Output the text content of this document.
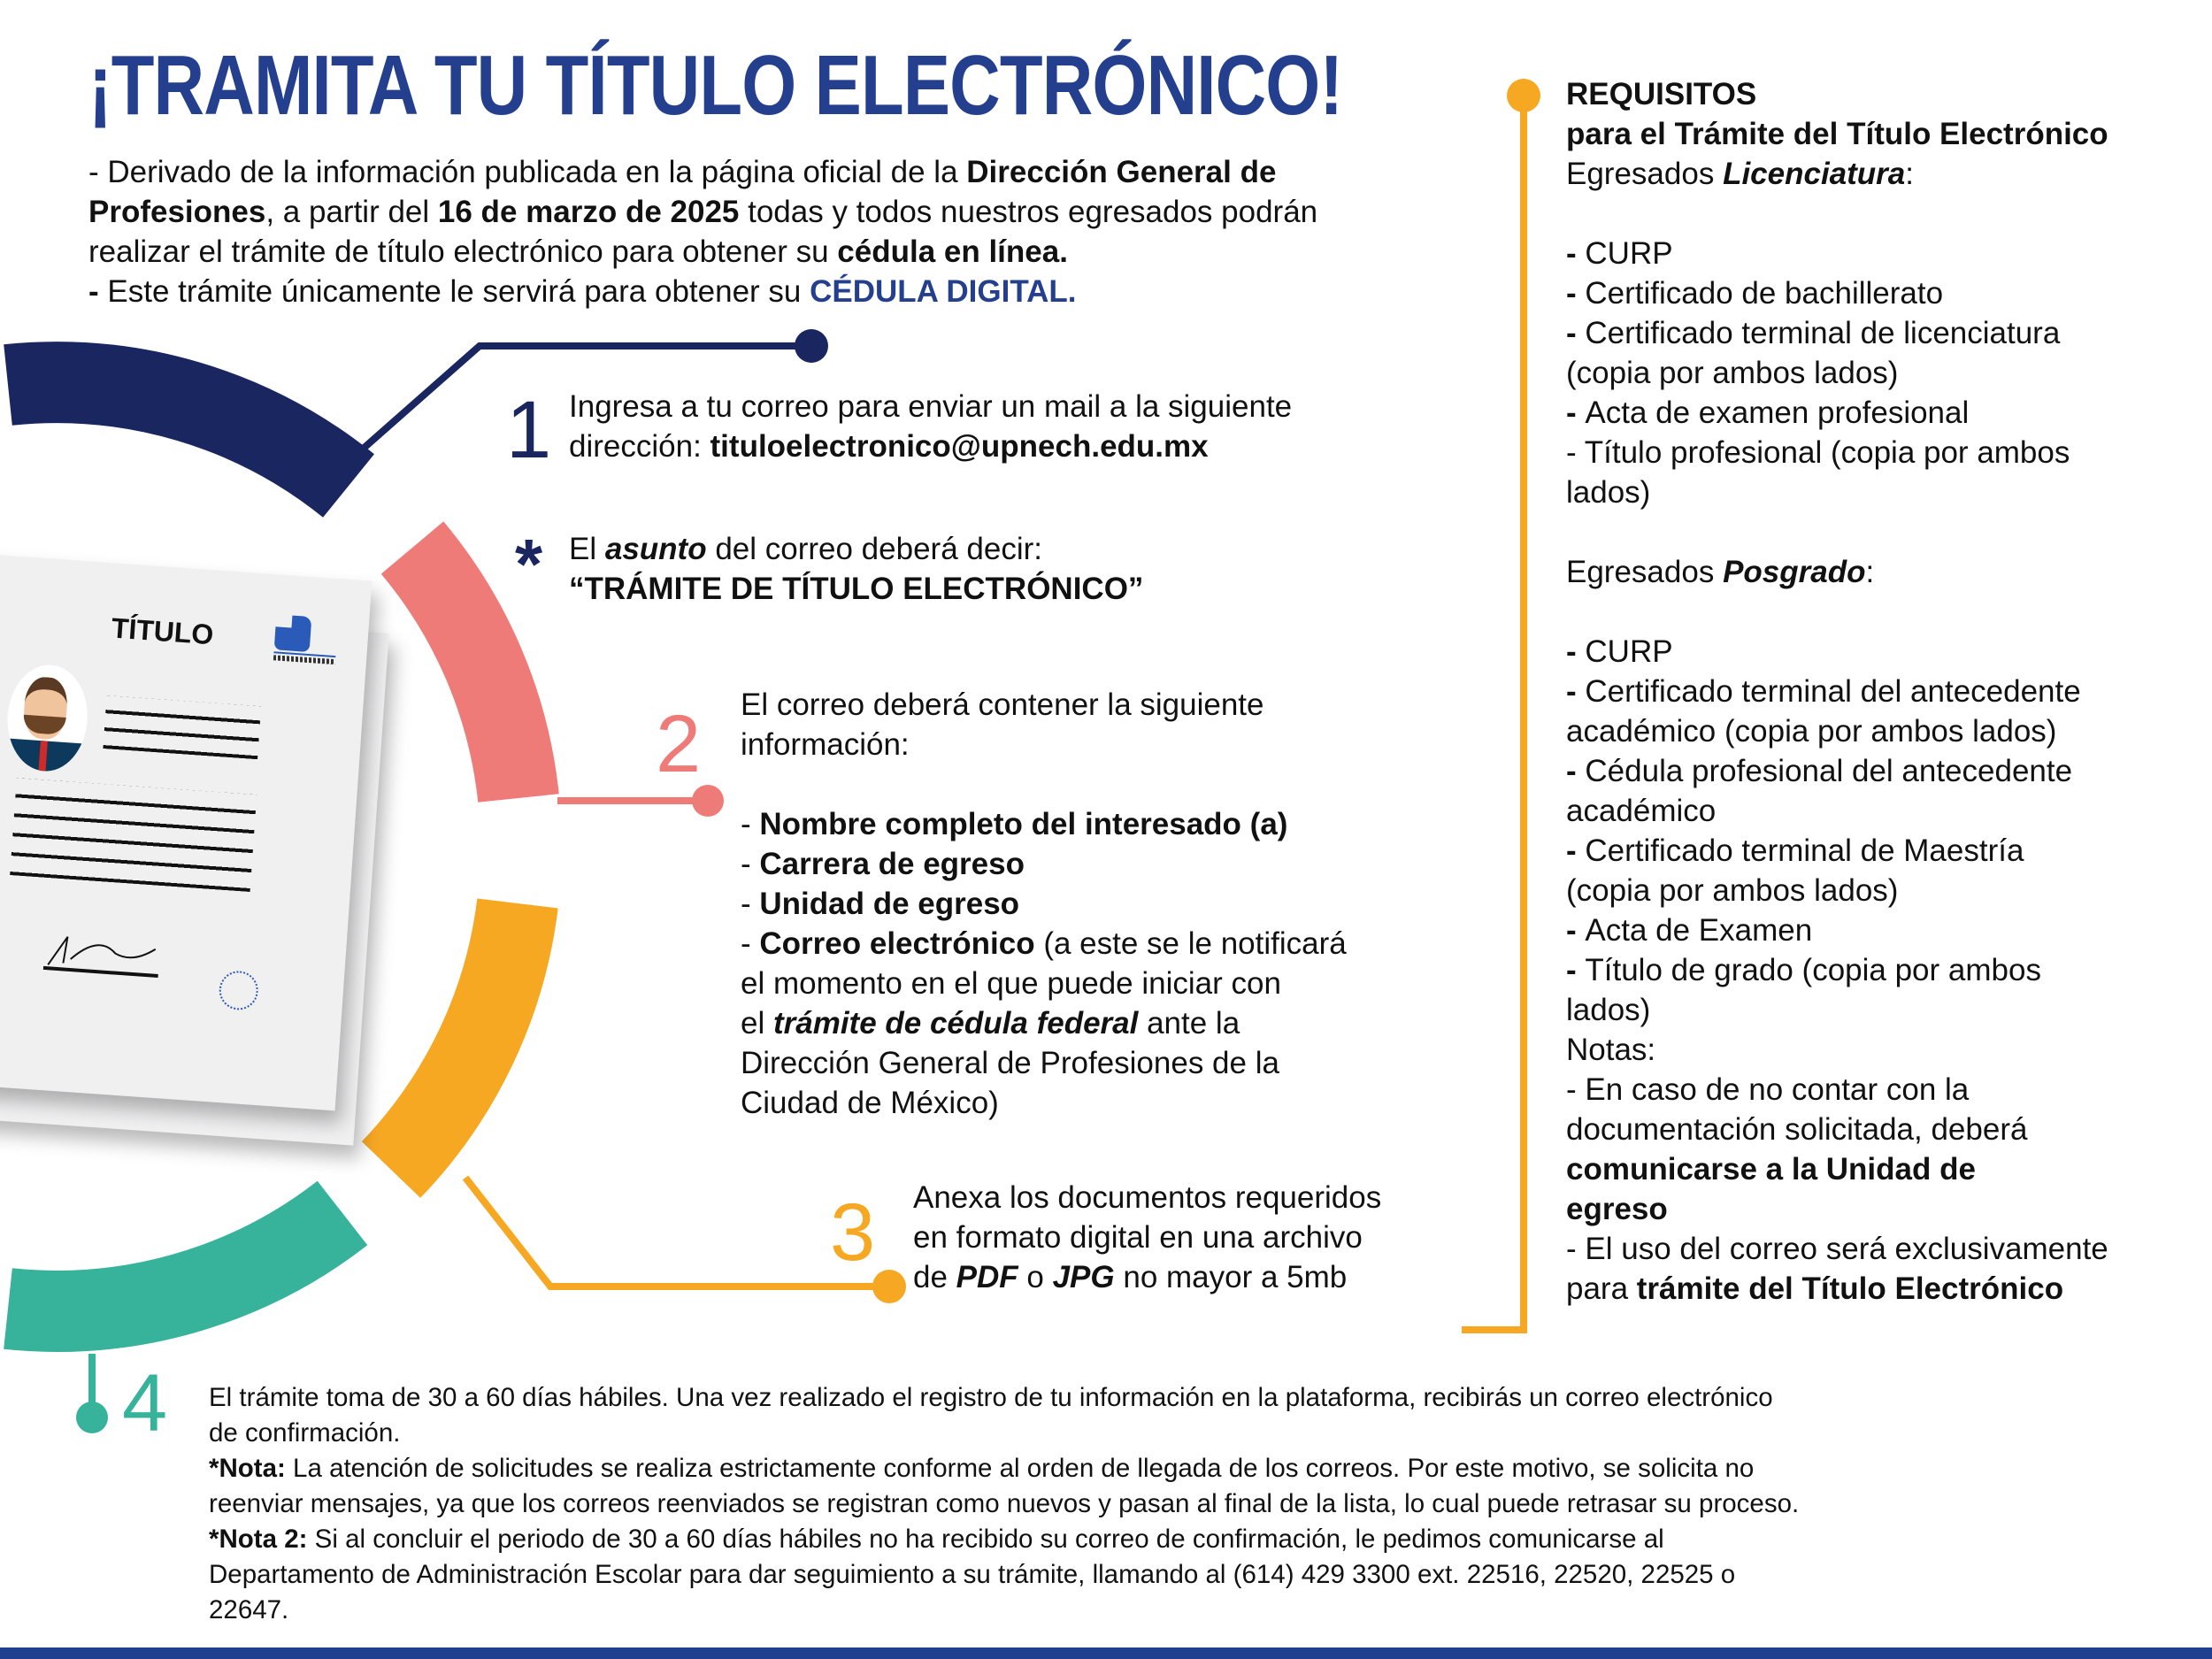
TÍTULO
¡TRAMITA TU TÍTULO ELECTRÓNICO!
- Derivado de la información publicada en la página oficial de la Dirección General de
Profesiones, a partir del 16 de marzo de 2025 todas y todos nuestros egresados podrán
realizar el trámite de título electrónico para obtener su cédula en línea.
- Este trámite únicamente le servirá para obtener su CÉDULA DIGITAL.
1 Ingresa a tu correo para enviar un mail a la siguiente
dirección: tituloelectronico@upnech.edu.mx
* El asunto del correo deberá decir:
“TRÁMITE DE TÍTULO ELECTRÓNICO”
2 El correo deberá contener la siguiente
información:

- Nombre completo del interesado (a)
- Carrera de egreso
- Unidad de egreso
- Correo electrónico (a este se le notificará
el momento en el que puede iniciar con
el trámite de cédula federal ante la
Dirección General de Profesiones de la
Ciudad de México)
3 Anexa los documentos requeridos
en formato digital en una archivo
de PDF o JPG no mayor a 5mb
4 El trámite toma de 30 a 60 días hábiles. Una vez realizado el registro de tu información en la plataforma, recibirás un correo electrónico
de confirmación.
*Nota: La atención de solicitudes se realiza estrictamente conforme al orden de llegada de los correos. Por este motivo, se solicita no
reenviar mensajes, ya que los correos reenviados se registran como nuevos y pasan al final de la lista, lo cual puede retrasar su proceso.
*Nota 2: Si al concluir el periodo de 30 a 60 días hábiles no ha recibido su correo de confirmación, le pedimos comunicarse al
Departamento de Administración Escolar para dar seguimiento a su trámite, llamando al (614) 429 3300 ext. 22516, 22520, 22525 o
22647.
REQUISITOS
para el Trámite del Título Electrónico
Egresados Licenciatura:

- CURP
- Certificado de bachillerato
- Certificado terminal de licenciatura
(copia por ambos lados)
- Acta de examen profesional
- Título profesional (copia por ambos
lados)

Egresados Posgrado:

- CURP
- Certificado terminal del antecedente
académico (copia por ambos lados)
- Cédula profesional del antecedente
académico
- Certificado terminal de Maestría
(copia por ambos lados)
- Acta de Examen
- Título de grado (copia por ambos
lados)
Notas:
- En caso de no contar con la
documentación solicitada, deberá
comunicarse a la Unidad de
egreso
- El uso del correo será exclusivamente
para trámite del Título Electrónico
